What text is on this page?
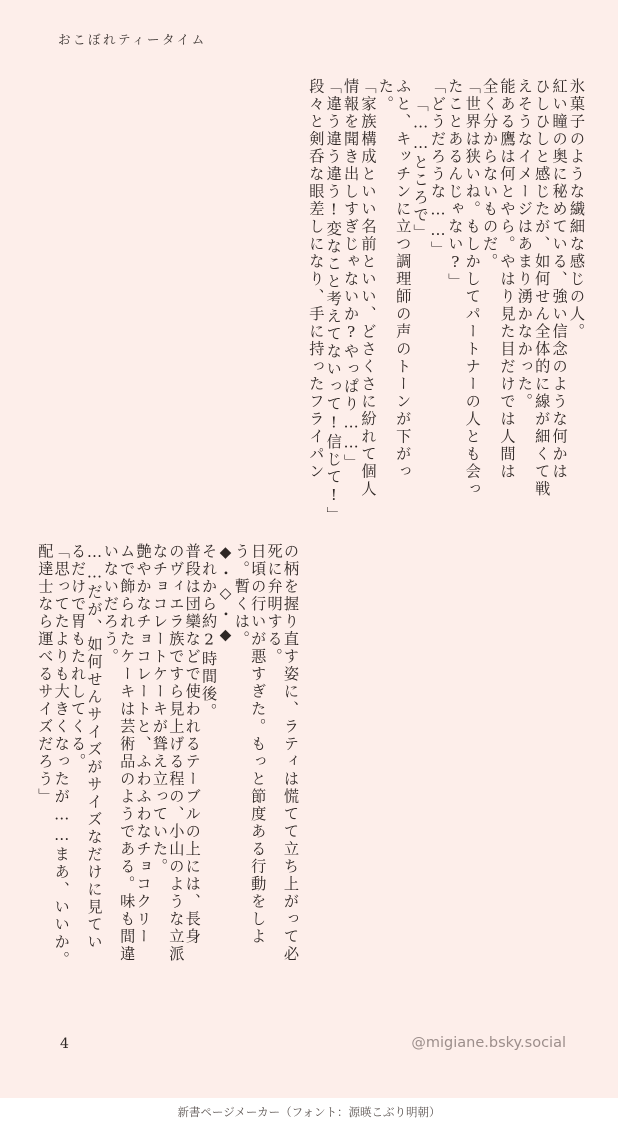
おこぼれティータイム
氷菓子のような繊細な感じの人。
紅い瞳の奥に秘めている、強い信念のような何かは
ひしひしと感じたが、如何せん全体的に線が細くて戦
えそうなイメージはあまり湧かなかった。
能ある鷹は何とやら。やはり見た目だけでは人間は
全く分からないものだ。
「世界は狭いね。もしかしてパートナーの人とも会っ
たことあるんじゃない?」
「どうだろうな……」
「……ところで」
ふと、キッチンに立つ調理師の声のトーンが下がっ
た。
「家族構成といい名前といい、どさくさに紛れて個人
情報を聞き出しすぎじゃないか?やっぱり……」
「違う違う違う!変なこと考えてないって!信じて!」
段々と剣呑な眼差しになり、手に持ったフライパン
の柄を握り直す姿に、ラティは慌てて立ち上がって必
死に弁明する。
日頃の行いが悪すぎた。もっと節度ある行動をしよ
う。暫くは。
◆・◇・◆
それから約2時間後。
普段は団欒などで使われるテーブルの上には、長身
のヴィエラ族ですら見上げる程の、小山のような立派
なチョコレートケーキが聳え立っていた。
艶やかなチョコレートと、ふわふわなチョコクリー
ムで飾られたケーキは芸術品のようである。味も間違
いないだろう。
……だが、如何せんサイズがサイズなだけに見てい
るだけで胃もたれしてくる。
「思ってたよりも大きくなったが……まあ、いいか。
配達士なら運べるサイズだろう」
4	@migiane.bsky.social
新書ページメーカー（フォント：源暎こぶり明朝）
